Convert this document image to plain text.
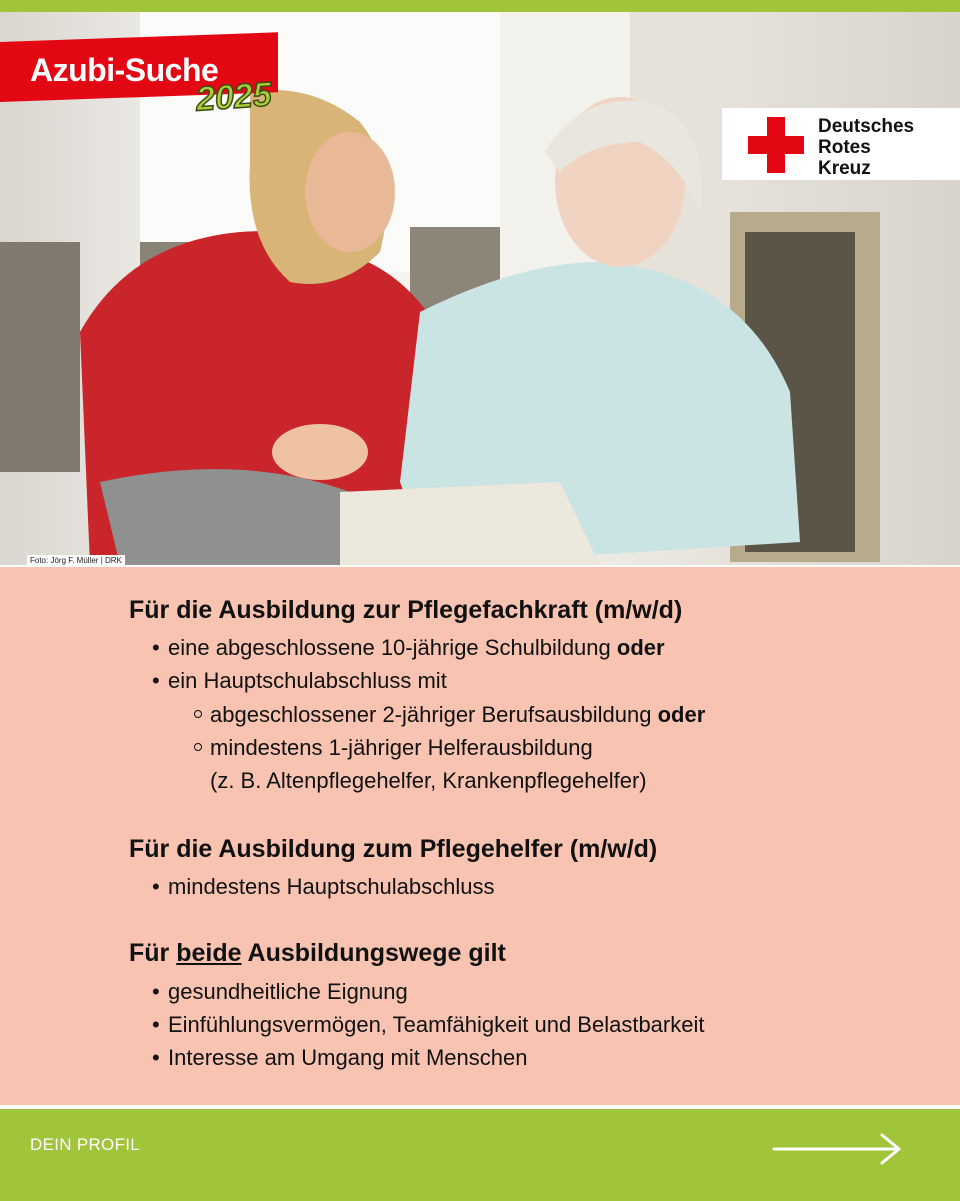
Azubi-Suche
2025
Deutsches
Rotes
Kreuz
Foto: Jörg F. Müller | DRK
Für die Ausbildung zur Pflegefachkraft (m/w/d)
• eine abgeschlossene 10-jährige Schulbildung oder
• ein Hauptschulabschluss mit
abgeschlossener 2-jähriger Berufsausbildung oder
mindestens 1-jähriger Helferausbildung
(z. B. Altenpflegehelfer, Krankenpflegehelfer)
Für die Ausbildung zum Pflegehelfer (m/w/d)
• mindestens Hauptschulabschluss
Für beide Ausbildungswege gilt
• gesundheitliche Eignung
• Einfühlungsvermögen, Teamfähigkeit und Belastbarkeit
• Interesse am Umgang mit Menschen
DEIN PROFIL
